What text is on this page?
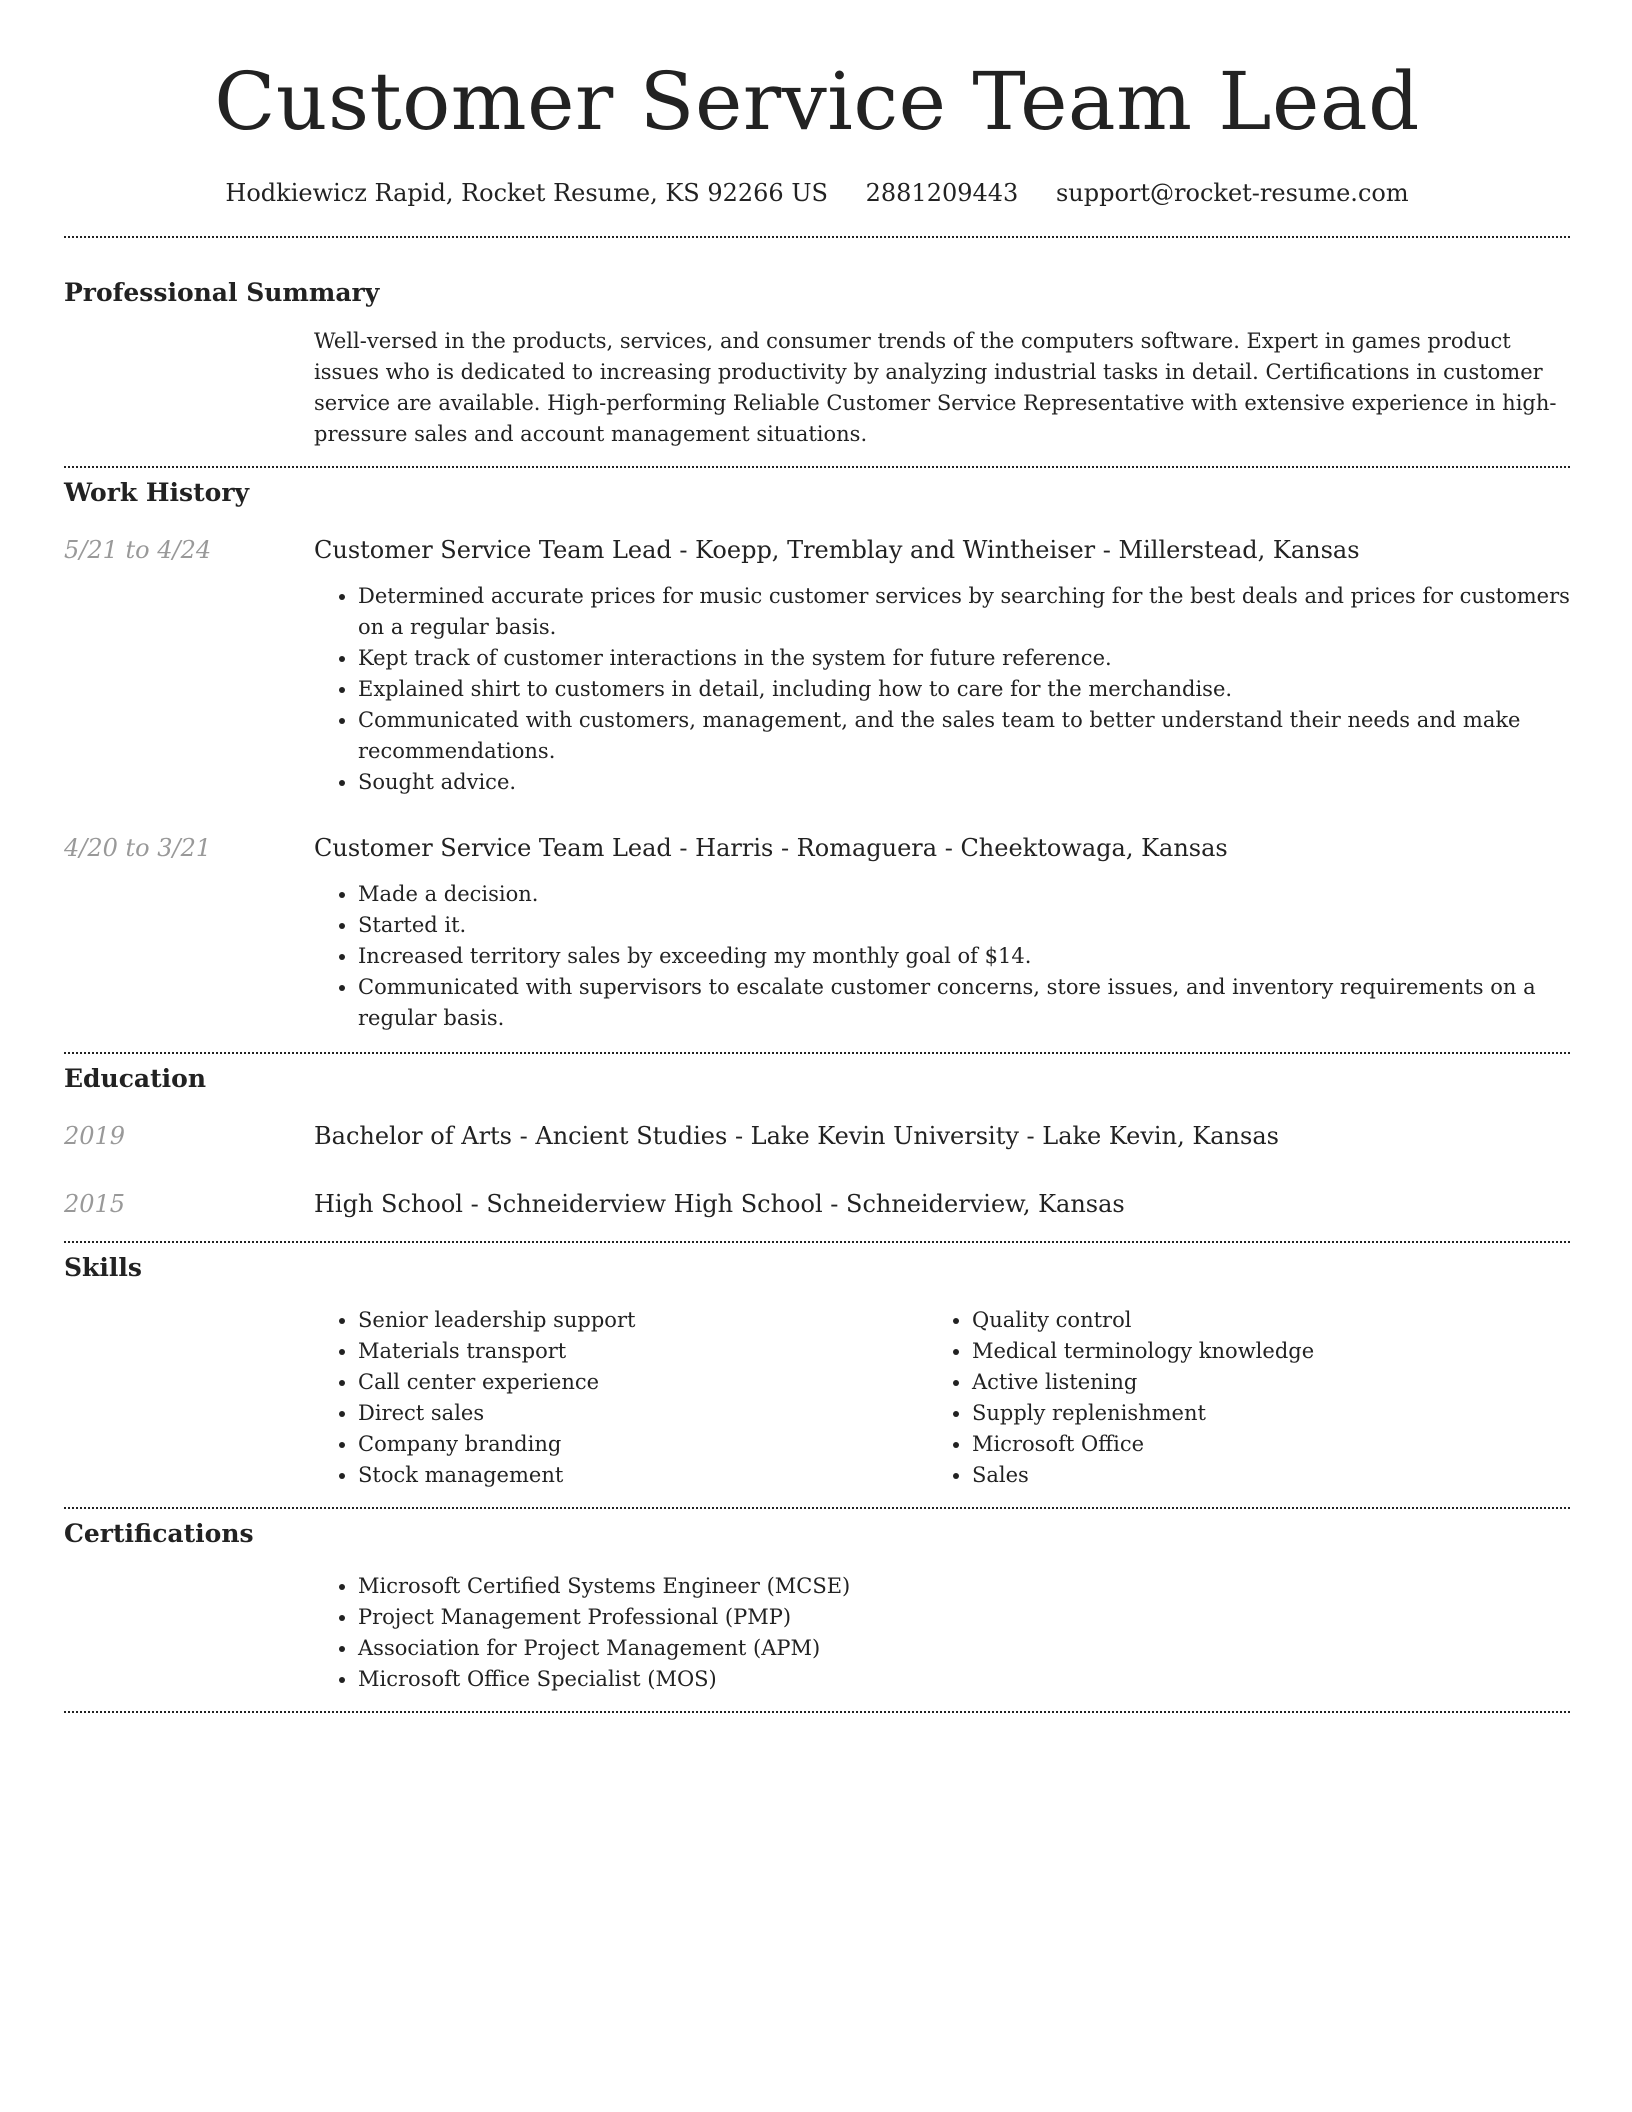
Customer Service Team Lead
Hodkiewicz Rapid, Rocket Resume, KS 92266 US 2881209443 support@rocket-resume.com
Professional Summary
Well-versed in the products, services, and consumer trends of the computers software. Expert in games product issues who is dedicated to increasing productivity by analyzing industrial tasks in detail. Certifications in customer service are available. High-performing Reliable Customer Service Representative with extensive experience in high-pressure sales and account management situations.
Work History
5/21 to 4/24	Customer Service Team Lead - Koepp, Tremblay and Wintheiser - Millerstead, Kansas
• Determined accurate prices for music customer services by searching for the best deals and prices for customers on a regular basis.
• Kept track of customer interactions in the system for future reference.
• Explained shirt to customers in detail, including how to care for the merchandise.
• Communicated with customers, management, and the sales team to better understand their needs and make recommendations.
• Sought advice.
4/20 to 3/21	Customer Service Team Lead - Harris - Romaguera - Cheektowaga, Kansas
• Made a decision.
• Started it.
• Increased territory sales by exceeding my monthly goal of $14.
• Communicated with supervisors to escalate customer concerns, store issues, and inventory requirements on a regular basis.
Education
2019	Bachelor of Arts - Ancient Studies - Lake Kevin University - Lake Kevin, Kansas
2015	High School - Schneiderview High School - Schneiderview, Kansas
Skills
• Senior leadership support
• Materials transport
• Call center experience
• Direct sales
• Company branding
• Stock management
• Quality control
• Medical terminology knowledge
• Active listening
• Supply replenishment
• Microsoft Office
• Sales
Certifications
• Microsoft Certified Systems Engineer (MCSE)
• Project Management Professional (PMP)
• Association for Project Management (APM)
• Microsoft Office Specialist (MOS)
